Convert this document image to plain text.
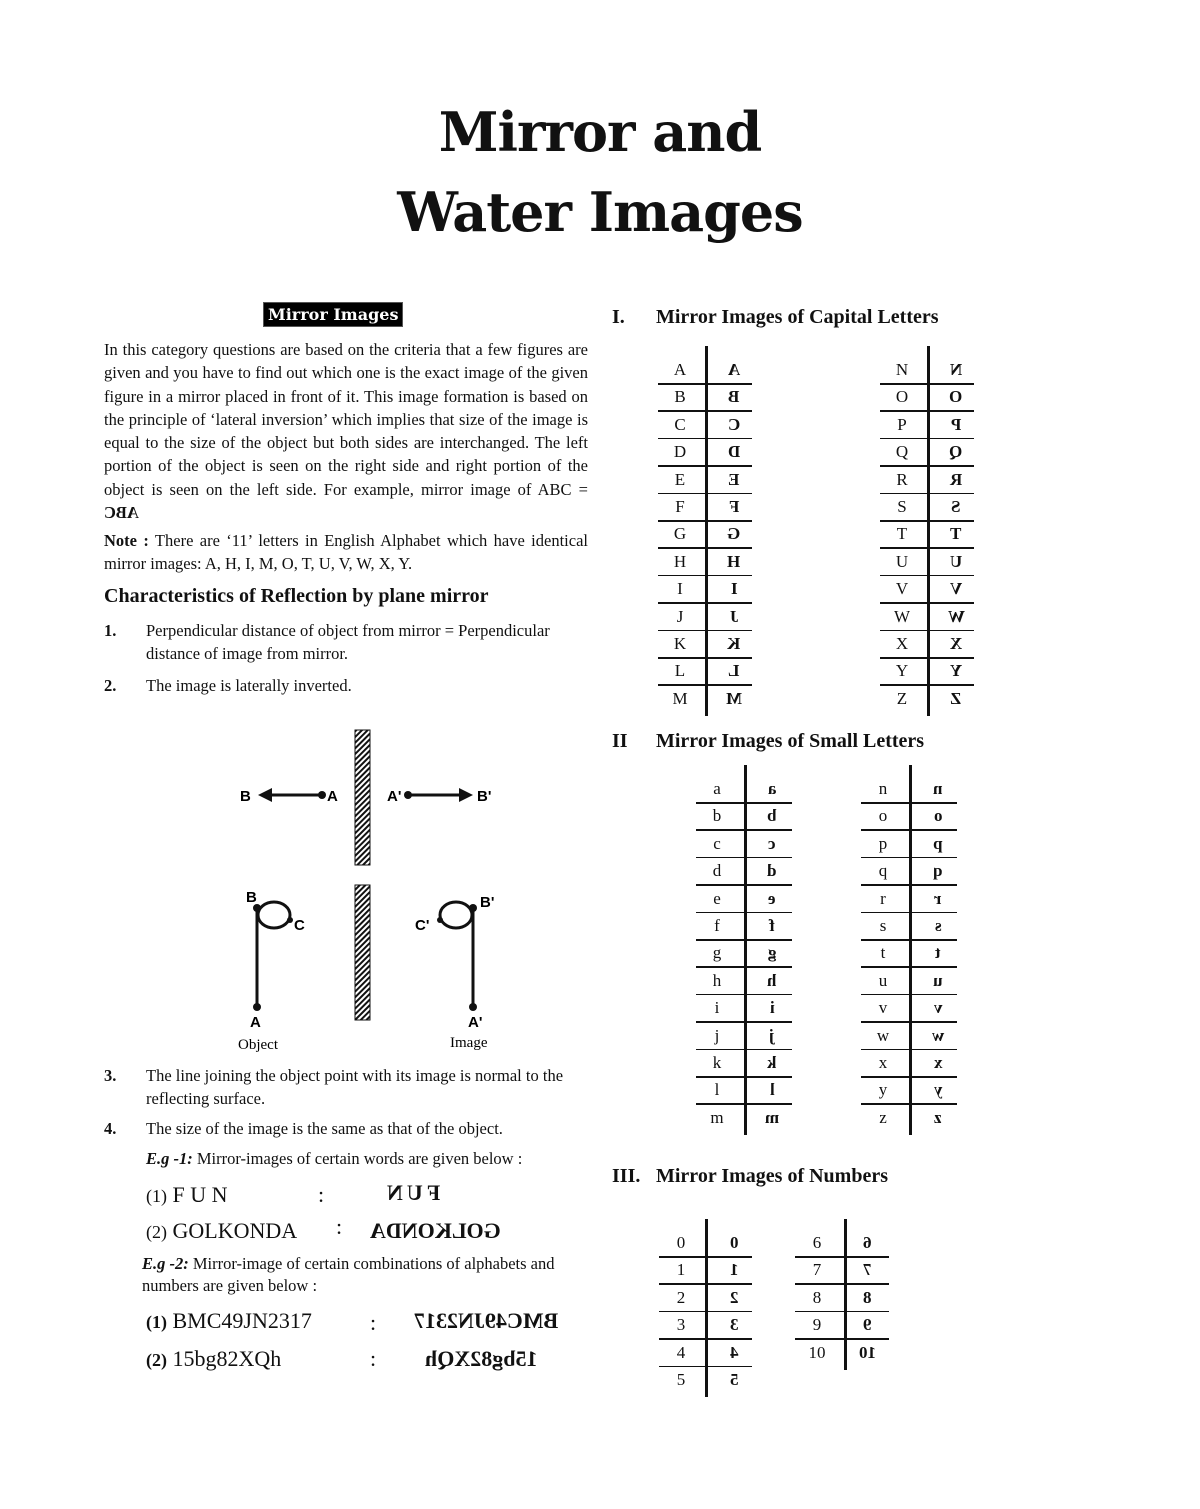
Mirror and
Water Images
Mirror Images
In this category questions are based on the criteria that a few figures are given and you have to find out which one is the exact image of the given figure in a mirror placed in front of it. This image formation is based on the principle of ‘lateral inversion’ which implies that size of the image is equal to the size of the object but both sides are interchanged. The left portion of the object is seen on the right side and right portion of the object is seen on the left side. For example, mirror image of ABC = ABC
Note : There are ‘11’ letters in English Alphabet which have identical mirror images: A, H, I, M, O, T, U, V, W, X, Y.
Characteristics of Reflection by plane mirror
1. Perpendicular distance of object from mirror = Perpendicular distance of image from mirror.
2. The image is laterally inverted.
B	A	A'	B'
B
C	C'
B'
A	A'
Object	Image
3. The line joining the object point with its image is normal to the reflecting surface.
4. The size of the image is the same as that of the object.
E.g -1: Mirror-images of certain words are given below :
(1) F U N	:	FUN
(2) GOLKONDA : GOLKONDA
E.g -2: Mirror-image of certain combinations of alphabets and numbers are given below :
(1) BMC49JN2317	: BMC49JN2317
(2) 15bg82XQh	: 15bg82XQh
I. Mirror Images of Capital Letters
II Mirror Images of Small Letters
III. Mirror Images of Numbers
A	A
B	B
C	C
D	D
E	E
F	F
G	G
H	H
I	I
J	J
K	K
L	L
M	M
N	N
O	O
P	P
Q	Q
R	R
S	S
T	T
U	U
V	V
W	W
X	X
Y	Y
Z	Z
a	a
b	b
c	c
d	d
e	e
f	f
g	g
h	h
i	i
j	j
k	k
l	l
m	m
n	n
o	o
p	p
q	q
r	r
s	s
t	t
u	u
v	v
w	w
x	x
y	y
z	z
0	0
1	1
2	2
3	3
4	4
5	5
6	6
7	7
8	8
9	9
10	10
